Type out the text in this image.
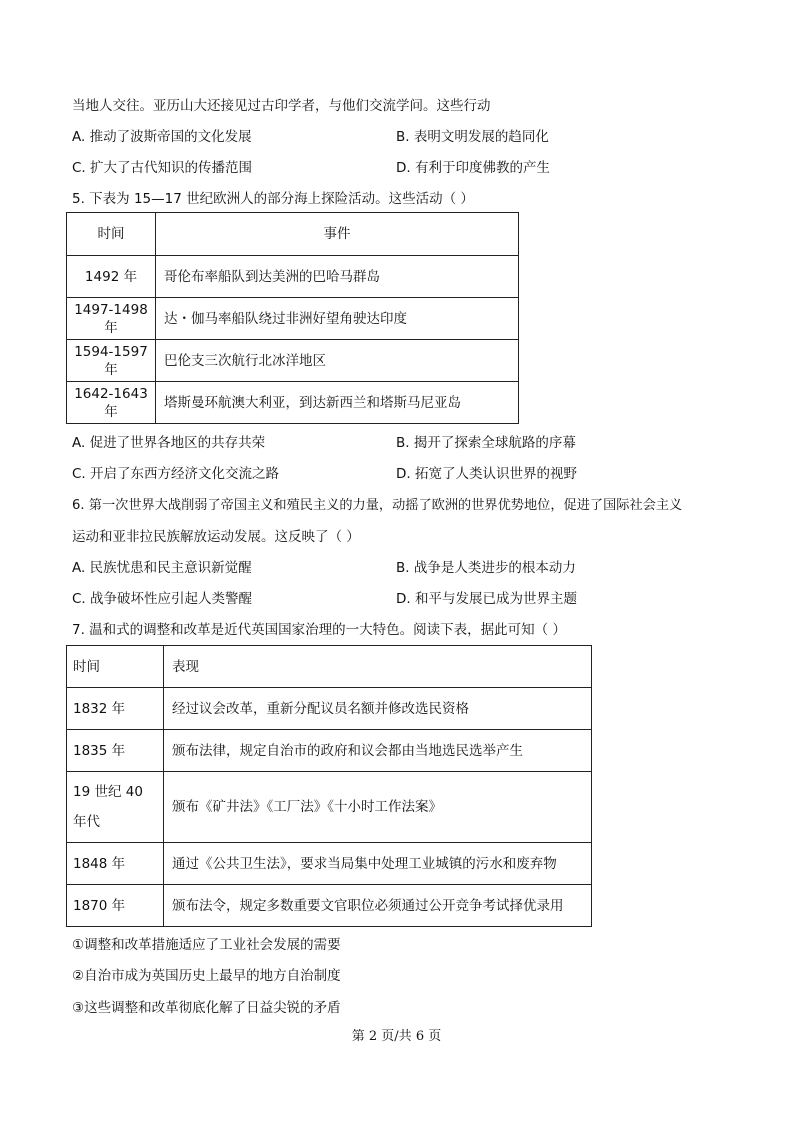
当地人交往。亚历山大还接见过古印学者，与他们交流学问。这些行动
A. 推动了波斯帝国的文化发展	B. 表明文明发展的趋同化
C. 扩大了古代知识的传播范围	D. 有利于印度佛教的产生
5. 下表为 15—17 世纪欧洲人的部分海上探险活动。这些活动（ ）
时间	事件
1492 年	哥伦布率船队到达美洲的巴哈马群岛
1497-1498 年	达・伽马率船队绕过非洲好望角驶达印度
1594-1597 年	巴伦支三次航行北冰洋地区
1642-1643 年	塔斯曼环航澳大利亚，到达新西兰和塔斯马尼亚岛
A. 促进了世界各地区的共存共荣	B. 揭开了探索全球航路的序幕
C. 开启了东西方经济文化交流之路	D. 拓宽了人类认识世界的视野
6. 第一次世界大战削弱了帝国主义和殖民主义的力量，动摇了欧洲的世界优势地位，促进了国际社会主义
运动和亚非拉民族解放运动发展。这反映了（ ）
A. 民族忧患和民主意识新觉醒	B. 战争是人类进步的根本动力
C. 战争破坏性应引起人类警醒	D. 和平与发展已成为世界主题
7. 温和式的调整和改革是近代英国国家治理的一大特色。阅读下表，据此可知（ ）
时间	表现
1832 年	经过议会改革，重新分配议员名额并修改选民资格
1835 年	颁布法律，规定自治市的政府和议会都由当地选民选举产生
19 世纪 40 年代	颁布《矿井法》《工厂法》《十小时工作法案》
1848 年	通过《公共卫生法》，要求当局集中处理工业城镇的污水和废弃物
1870 年	颁布法令，规定多数重要文官职位必须通过公开竞争考试择优录用
①调整和改革措施适应了工业社会发展的需要
②自治市成为英国历史上最早的地方自治制度
③这些调整和改革彻底化解了日益尖锐的矛盾
第 2 页/共 6 页
